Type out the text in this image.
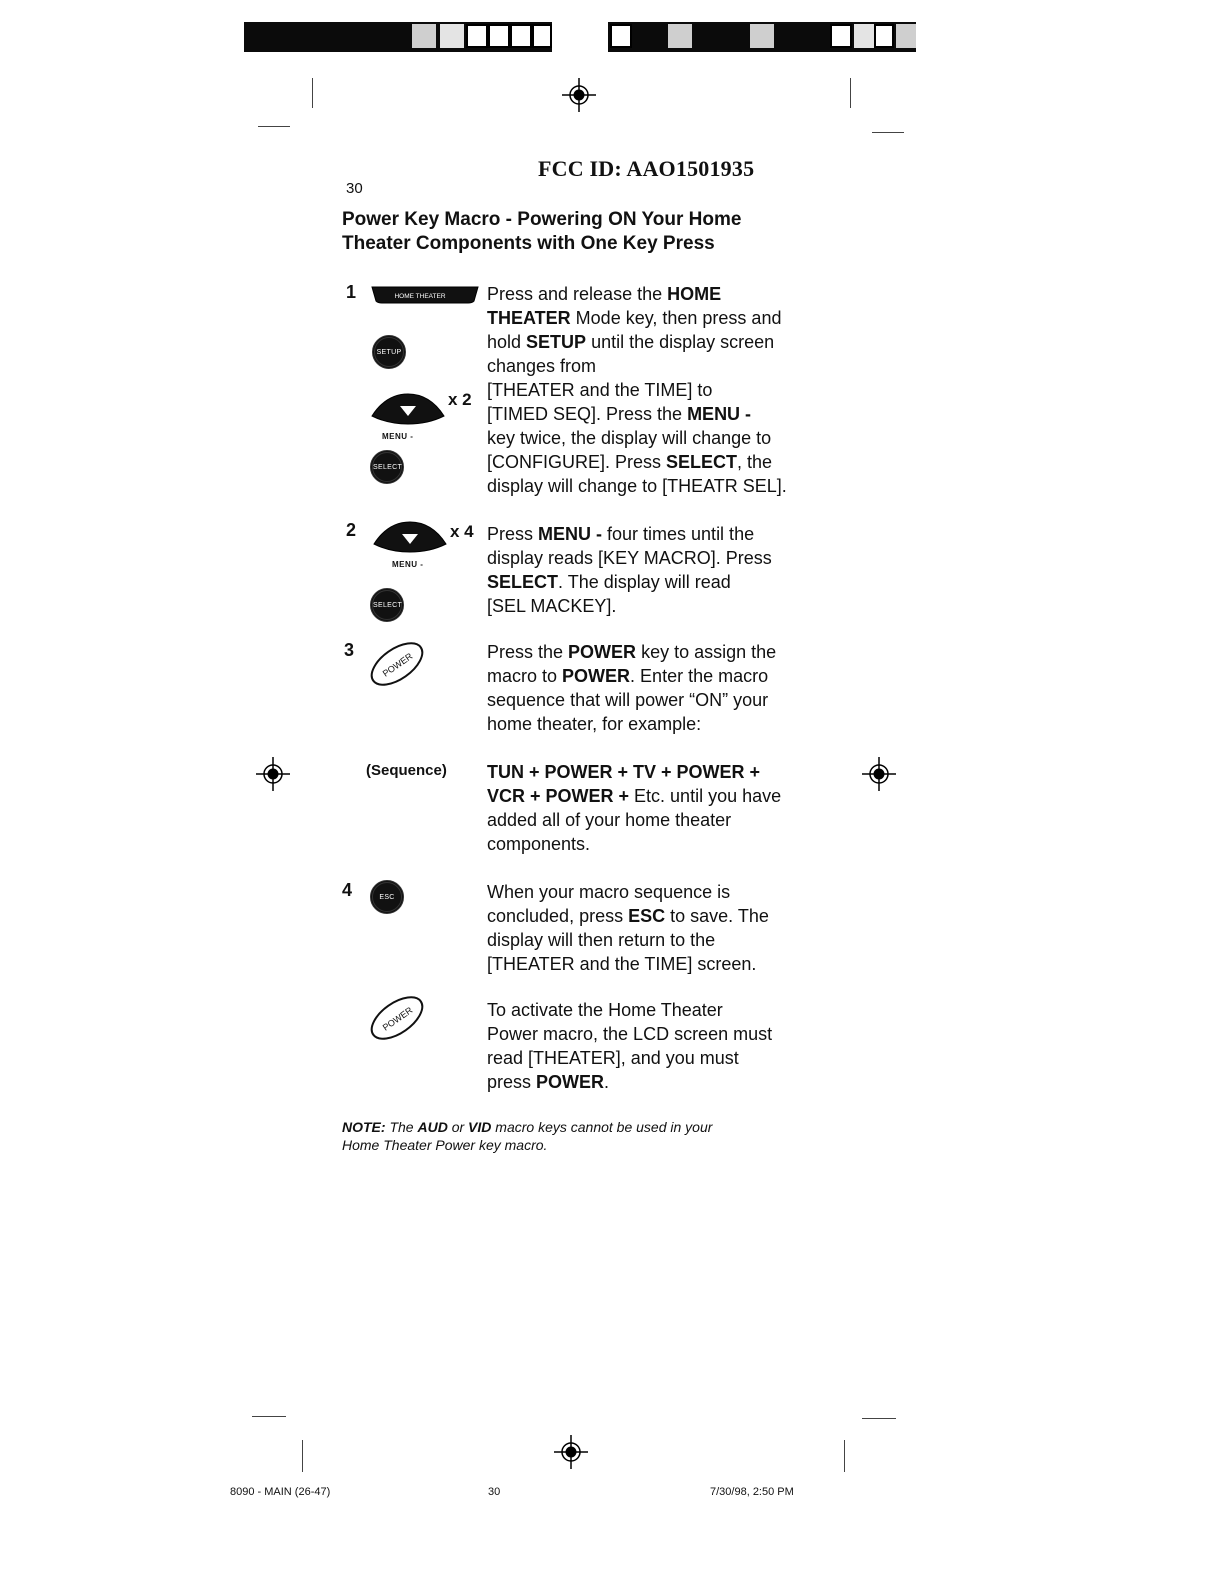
FCC ID: AAO1501935
30
Power Key Macro - Powering ON Your Home
Theater Components with One Key Press
1	HOME THEATER
SETUP
x 2
MENU -
SELECT
Press and release the HOME
THEATER Mode key, then press and
hold SETUP until the display screen
changes from
[THEATER and the TIME] to
[TIMED SEQ]. Press the MENU -
key twice, the display will change to
[CONFIGURE]. Press SELECT, the
display will change to [THEATR SEL].
2	x 4
MENU -
SELECT
Press MENU - four times until the
display reads [KEY MACRO]. Press
SELECT. The display will read
[SEL MACKEY].
3
POWER	Press the POWER key to assign the
macro to POWER. Enter the macro
sequence that will power “ON” your
home theater, for example:
(Sequence) TUN + POWER + TV + POWER +
VCR + POWER + Etc. until you have
added all of your home theater
components.
4	ESC	When your macro sequence is
concluded, press ESC to save. The
display will then return to the
[THEATER and the TIME] screen.
POWER	To activate the Home Theater
Power macro, the LCD screen must
read [THEATER], and you must
press POWER.
NOTE: The AUD or VID macro keys cannot be used in your
Home Theater Power key macro.
8090 - MAIN (26-47)	30	7/30/98, 2:50 PM
